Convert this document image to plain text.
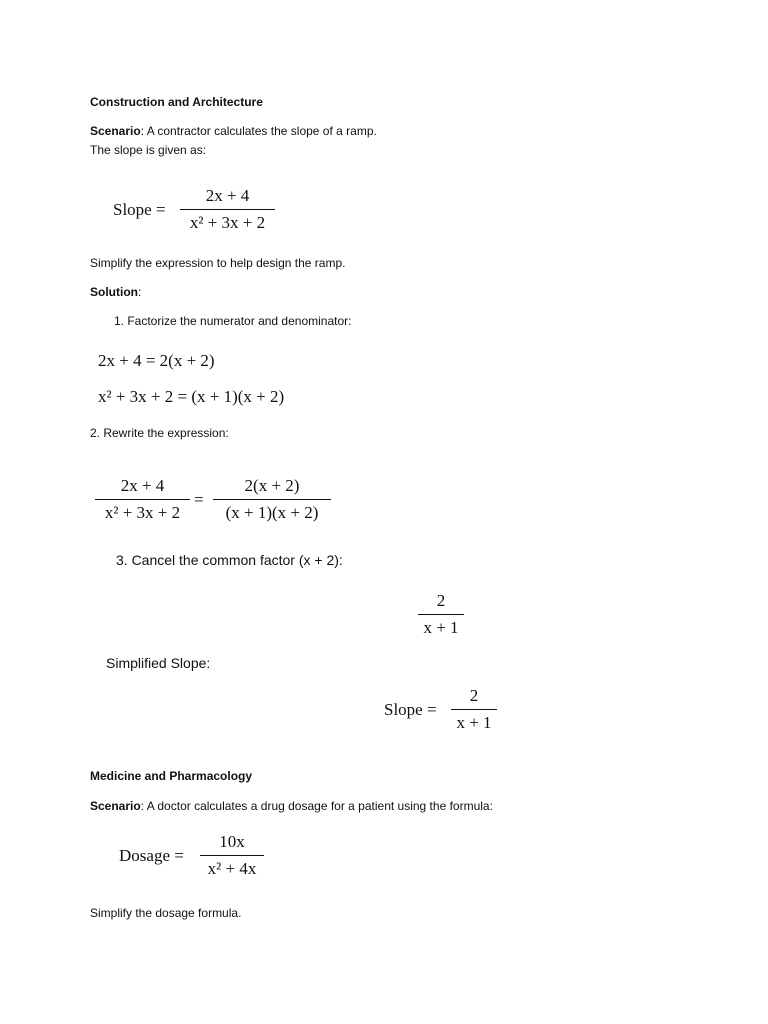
Construction and Architecture
Scenario: A contractor calculates the slope of a ramp.
The slope is given as:
Slope =
2x + 4
x² + 3x + 2
Simplify the expression to help design the ramp.
Solution:
1. Factorize the numerator and denominator:
2x + 4 = 2(x + 2)
x² + 3x + 2 = (x + 1)(x + 2)
2. Rewrite the expression:
2x + 4
x² + 3x + 2
=
2(x + 2)
(x + 1)(x + 2)
3. Cancel the common factor (x + 2):
2
x + 1
Simplified Slope:
Slope =
2
x + 1
Medicine and Pharmacology
Scenario: A doctor calculates a drug dosage for a patient using the formula:
Dosage =
10x
x² + 4x
Simplify the dosage formula.
